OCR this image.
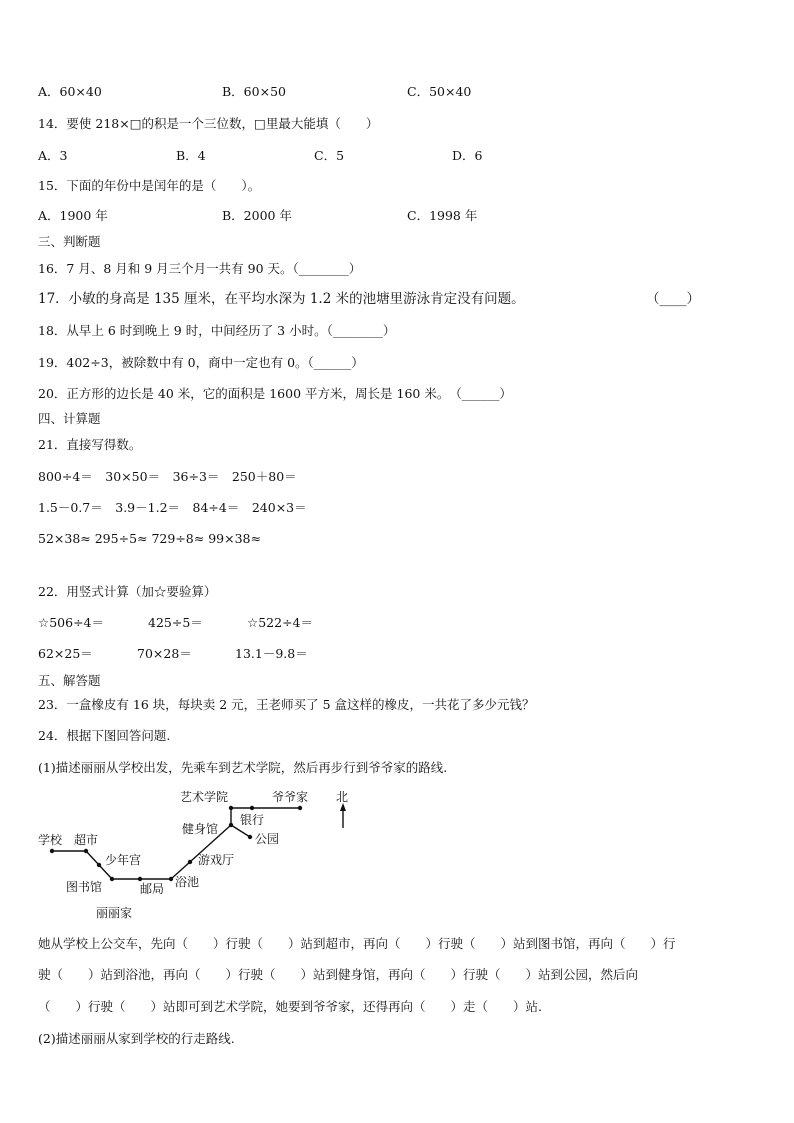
A．60×40	B．60×50	C．50×40
14．要使 218×□的积是一个三位数，□里最大能填（　　）
A．3	B．4	C．5	D．6
15．下面的年份中是闰年的是（　　）。
A．1900 年	B．2000 年	C．1998 年
三、判断题
16．7 月、8 月和 9 月三个月一共有 90 天。（________）
17．小敏的身高是 135 厘米，在平均水深为 1.2 米的池塘里游泳肯定没有问题。	（____）
18．从早上 6 时到晚上 9 时，中间经历了 3 小时。（________）
19．402÷3，被除数中有 0，商中一定也有 0。（______）
20．正方形的边长是 40 米，它的面积是 1600 平方米，周长是 160 米。　（______）
四、计算题
21．直接写得数。
800÷4＝　30×50＝　36÷3＝　250＋80＝
1.5－0.7＝　3.9－1.2＝　84÷4＝　240×3＝
52×38≈ 295÷5≈ 729÷8≈ 99×38≈
22．用竖式计算（加☆要验算）
☆506÷4＝	425÷5＝	☆522÷4＝
62×25＝	70×28＝	13.1－9.8＝
五、解答题
23．一盒橡皮有 16 块，每块卖 2 元，王老师买了 5 盒这样的橡皮，一共花了多少元钱？
24．根据下图回答问题.
(1)描述丽丽从学校出发，先乘车到艺术学院，然后再步行到爷爷家的路线.
学校 超市
少年宫
图书馆	邮局
丽丽家
浴池
游戏厅
健身馆
公园
银行
艺术学院	爷爷家 北
她从学校上公交车，先向（　　）行驶（　　）站到超市，再向（　　）行驶（　　）站到图书馆，再向（　　）行
驶（　　）站到浴池，再向（　　）行驶（　　）站到健身馆，再向（　　）行驶（　　）站到公园，然后向
（　　）行驶（　　）站即可到艺术学院，她要到爷爷家，还得再向（　　）走（　　）站.
(2)描述丽丽从家到学校的行走路线.
